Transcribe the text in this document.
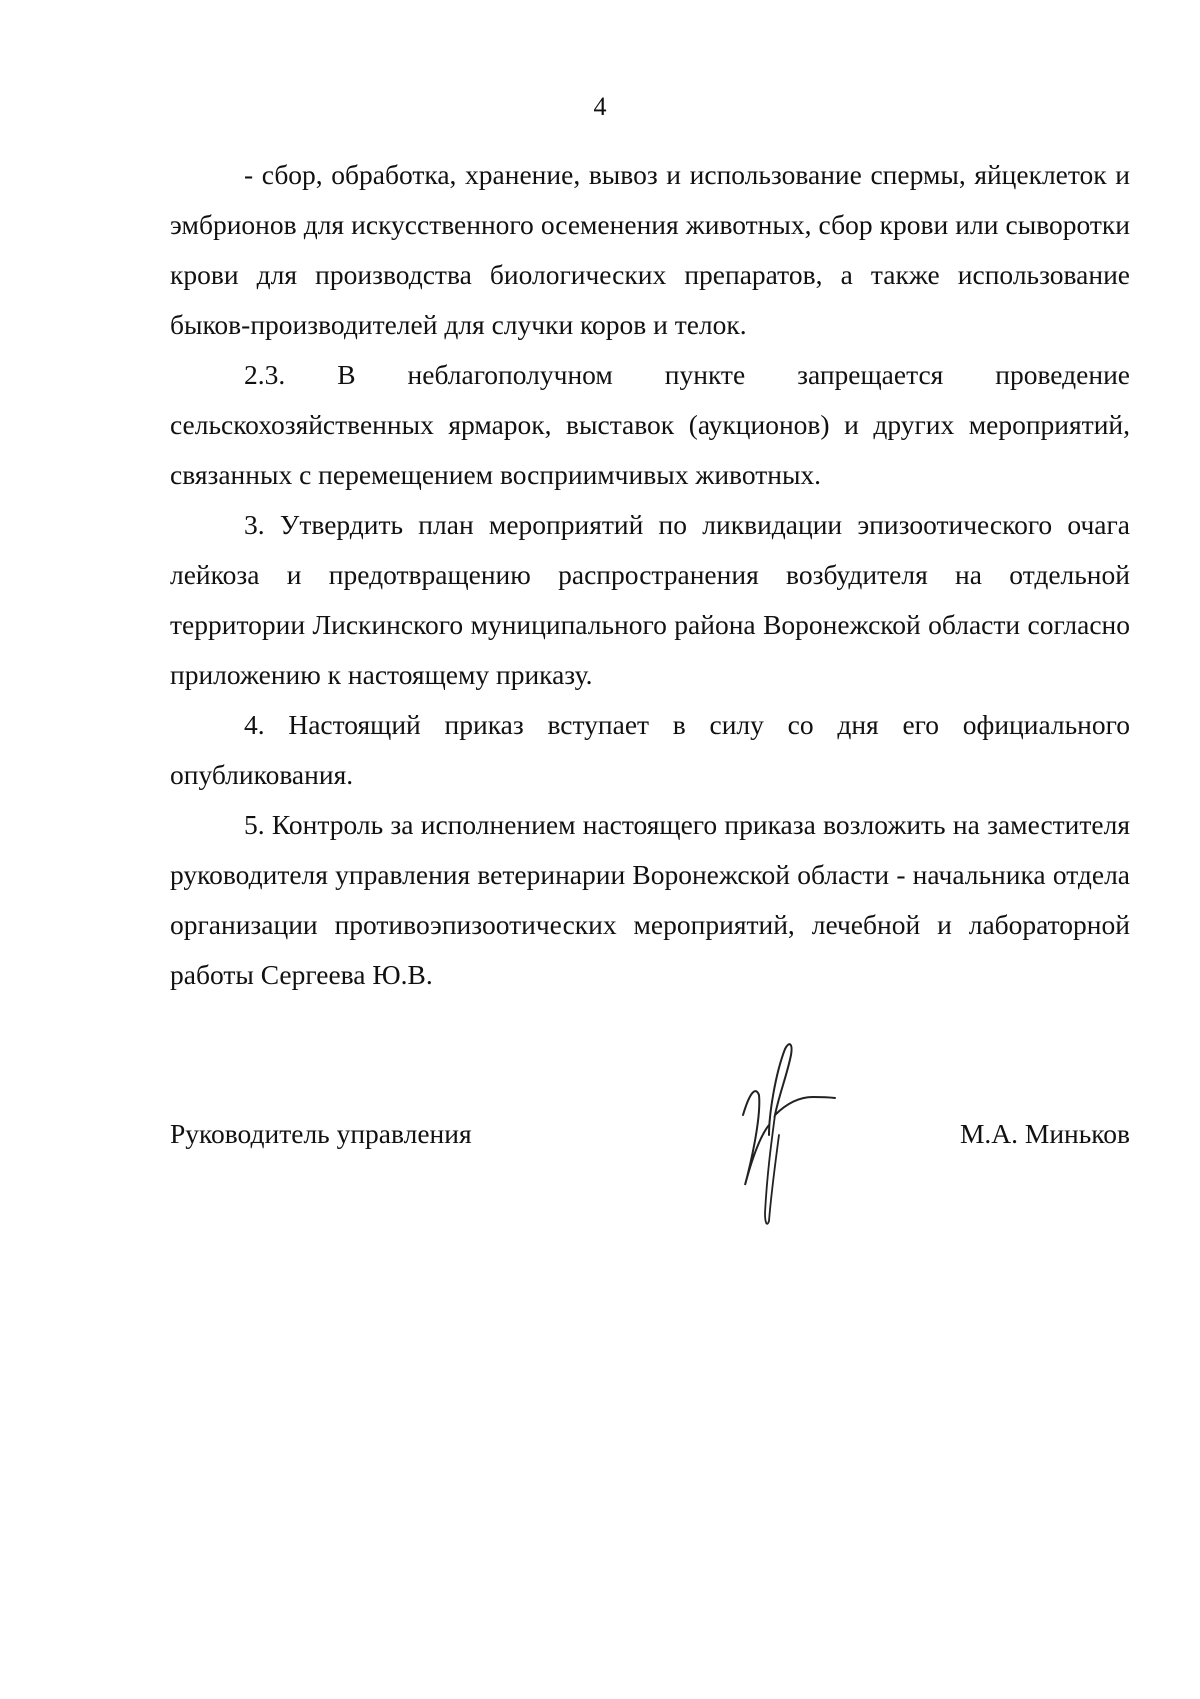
4

- сбор, обработка, хранение, вывоз и использование спермы, яйцеклеток и эмбрионов для искусственного осеменения животных, сбор крови или сыворотки крови для производства биологических препаратов, а также использование быков-производителей для случки коров и телок.

2.3. В неблагополучном пункте запрещается проведение сельскохозяйственных ярмарок, выставок (аукционов) и других мероприятий, связанных с перемещением восприимчивых животных.

3. Утвердить план мероприятий по ликвидации эпизоотического очага лейкоза и предотвращению распространения возбудителя на отдельной территории Лискинского муниципального района Воронежской области согласно приложению к настоящему приказу.

4. Настоящий приказ вступает в силу со дня его официального опубликования.

5. Контроль за исполнением настоящего приказа возложить на заместителя руководителя управления ветеринарии Воронежской области - начальника отдела организации противоэпизоотических мероприятий, лечебной и лабораторной работы Сергеева Ю.В.

Руководитель управления	М.А. Миньков
